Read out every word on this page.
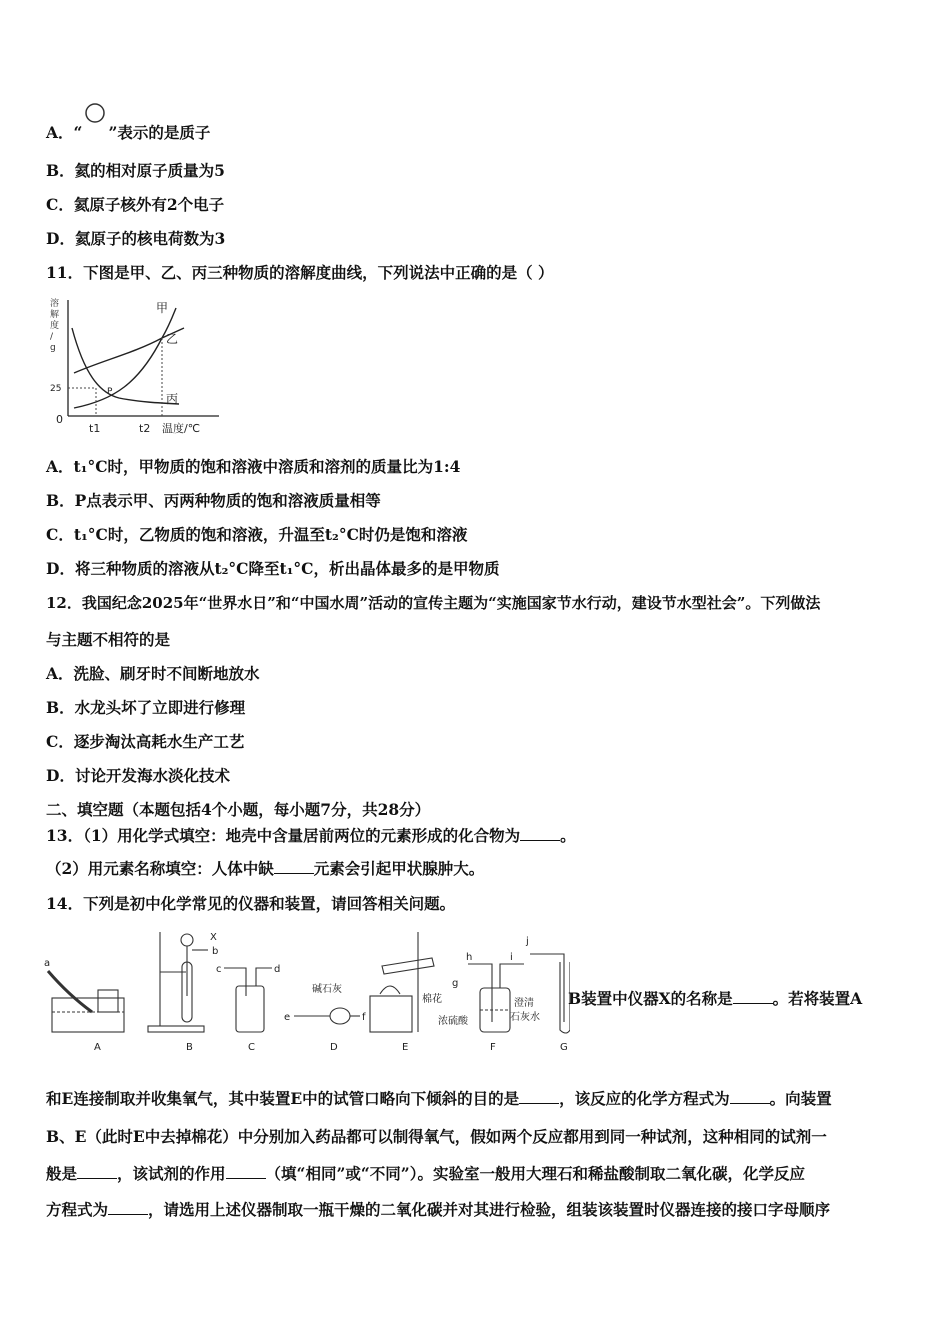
A．“ ”表示的是质子
B．氦的相对原子质量为5
C．氦原子核外有2个电子
D．氦原子的核电荷数为3
11．下图是甲、乙、丙三种物质的溶解度曲线，下列说法中正确的是（ ）
溶解度/ g
25
0
P
甲
乙
丙
t1	t2 温度/℃
A．t₁°C时，甲物质的饱和溶液中溶质和溶剂的质量比为1:4
B．P点表示甲、丙两种物质的饱和溶液质量相等
C．t₁°C时，乙物质的饱和溶液，升温至t₂°C时仍是饱和溶液
D．将三种物质的溶液从t₂°C降至t₁°C，析出晶体最多的是甲物质
12．我国纪念2025年“世界水日”和“中国水周”活动的宣传主题为“实施国家节水行动，建设节水型社会”。下列做法
与主题不相符的是
A．洗脸、刷牙时不间断地放水
B．水龙头坏了立即进行修理
C．逐步淘汰高耗水生产工艺
D．讨论开发海水淡化技术
二、填空题（本题包括4个小题，每小题7分，共28分）
13．（1）用化学式填空：地壳中含量居前两位的元素形成的化合物为	。
（2）用元素名称填空：人体中缺	元素会引起甲状腺肿大。
14．下列是初中化学常见的仪器和装置，请回答相关问题。
a
X
b
c	d
碱石灰
e	f
棉花
g
h	i
浓硫酸
j
澄清
石灰水
A	B	C	D	E	F	G
B装置中仪器X的名称是	。若将装置A
和E连接制取并收集氧气，其中装置E中的试管口略向下倾斜的目的是	，该反应的化学方程式为	。向装置
B、E（此时E中去掉棉花）中分别加入药品都可以制得氧气，假如两个反应都用到同一种试剂，这种相同的试剂一
般是	，该试剂的作用	（填“相同”或“不同”）。实验室一般用大理石和稀盐酸制取二氧化碳，化学反应
方程式为	，请选用上述仪器制取一瓶干燥的二氧化碳并对其进行检验，组装该装置时仪器连接的接口字母顺序
